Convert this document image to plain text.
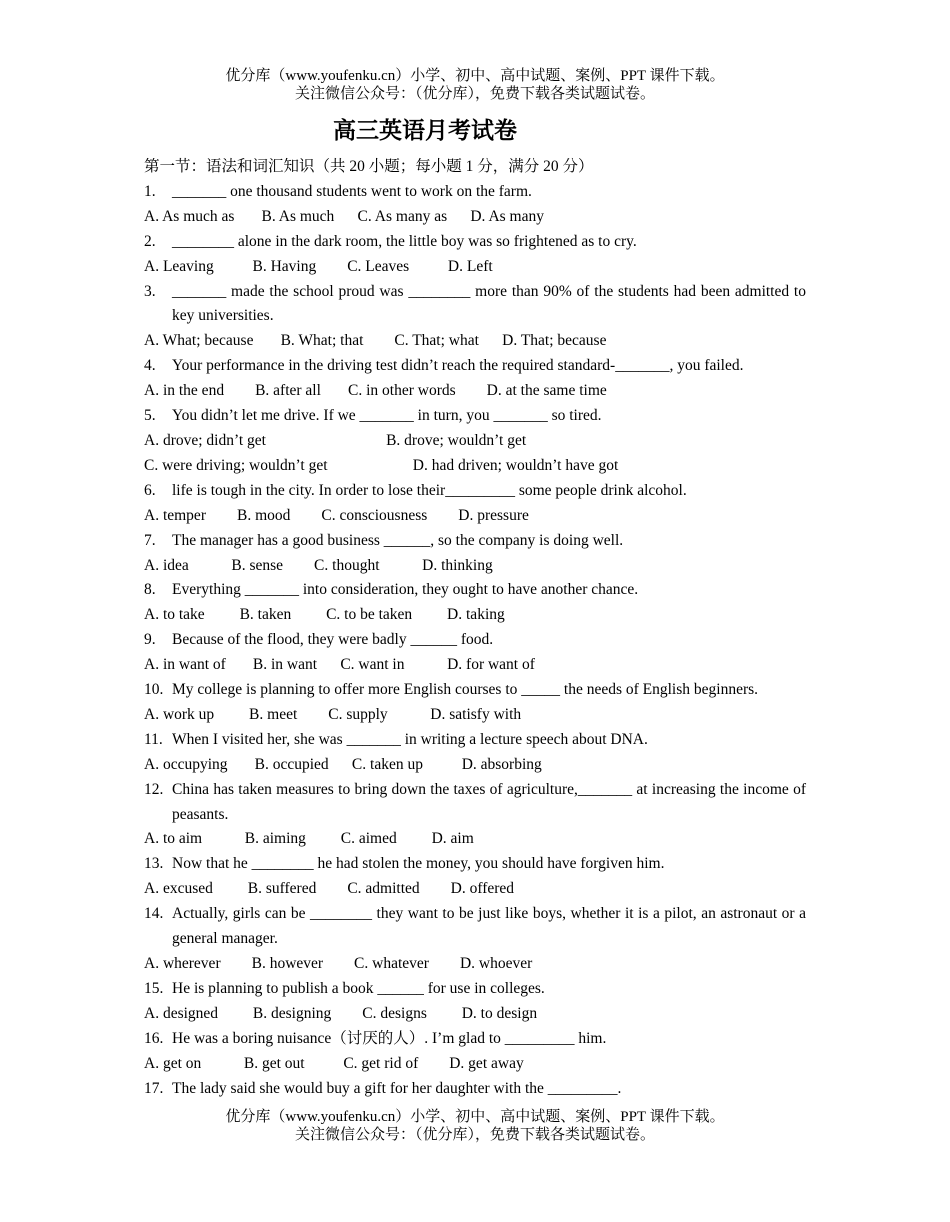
优分库（www.youfenku.cn）小学、初中、高中试题、案例、PPT 课件下载。
关注微信公众号：（优分库），免费下载各类试题试卷。
高三英语月考试卷
第一节：语法和词汇知识（共 20 小题；每小题 1 分，满分 20 分）
1.	_______ one thousand students went to work on the farm.
A. As much as       B. As much      C. As many as      D. As many
2.	________ alone in the dark room, the little boy was so frightened as to cry.
A. Leaving          B. Having        C. Leaves          D. Left
3.	_______ made the school proud was ________ more than 90% of the students had been admitted to key universities.
A. What; because       B. What; that        C. That; what      D. That; because
4.	Your performance in the driving test didn’t reach the required standard-_______, you failed.
A. in the end        B. after all       C. in other words        D. at the same time
5.	You didn’t let me drive. If we _______ in turn, you _______ so tired.
A. drove; didn’t get                               B. drove; wouldn’t get
C. were driving; wouldn’t get                      D. had driven; wouldn’t have got
6.	life is tough in the city. In order to lose their_________ some people drink alcohol.
A. temper        B. mood        C. consciousness        D. pressure
7.	The manager has a good business ______, so the company is doing well.
A. idea           B. sense        C. thought           D. thinking
8.	Everything _______ into consideration, they ought to have another chance.
A. to take         B. taken         C. to be taken         D. taking
9.	Because of the flood, they were badly ______ food.
A. in want of       B. in want      C. want in           D. for want of
10. My college is planning to offer more English courses to _____ the needs of English beginners.
A. work up         B. meet        C. supply           D. satisfy with
11. When I visited her, she was _______ in writing a lecture speech about DNA.
A. occupying       B. occupied      C. taken up          D. absorbing
12. China has taken measures to bring down the taxes of agriculture,_______ at increasing the income of peasants.
A. to aim           B. aiming         C. aimed         D. aim
13. Now that he ________ he had stolen the money, you should have forgiven him.
A. excused         B. suffered        C. admitted        D. offered
14. Actually, girls can be ________ they want to be just like boys, whether it is a pilot, an astronaut or a general manager.
A. wherever        B. however        C. whatever        D. whoever
15. He is planning to publish a book ______ for use in colleges.
A. designed         B. designing        C. designs         D. to design
16. He was a boring nuisance（讨厌的人）. I’m glad to _________ him.
A. get on           B. get out          C. get rid of        D. get away
17. The lady said she would buy a gift for her daughter with the _________.
优分库（www.youfenku.cn）小学、初中、高中试题、案例、PPT 课件下载。
关注微信公众号：（优分库），免费下载各类试题试卷。
